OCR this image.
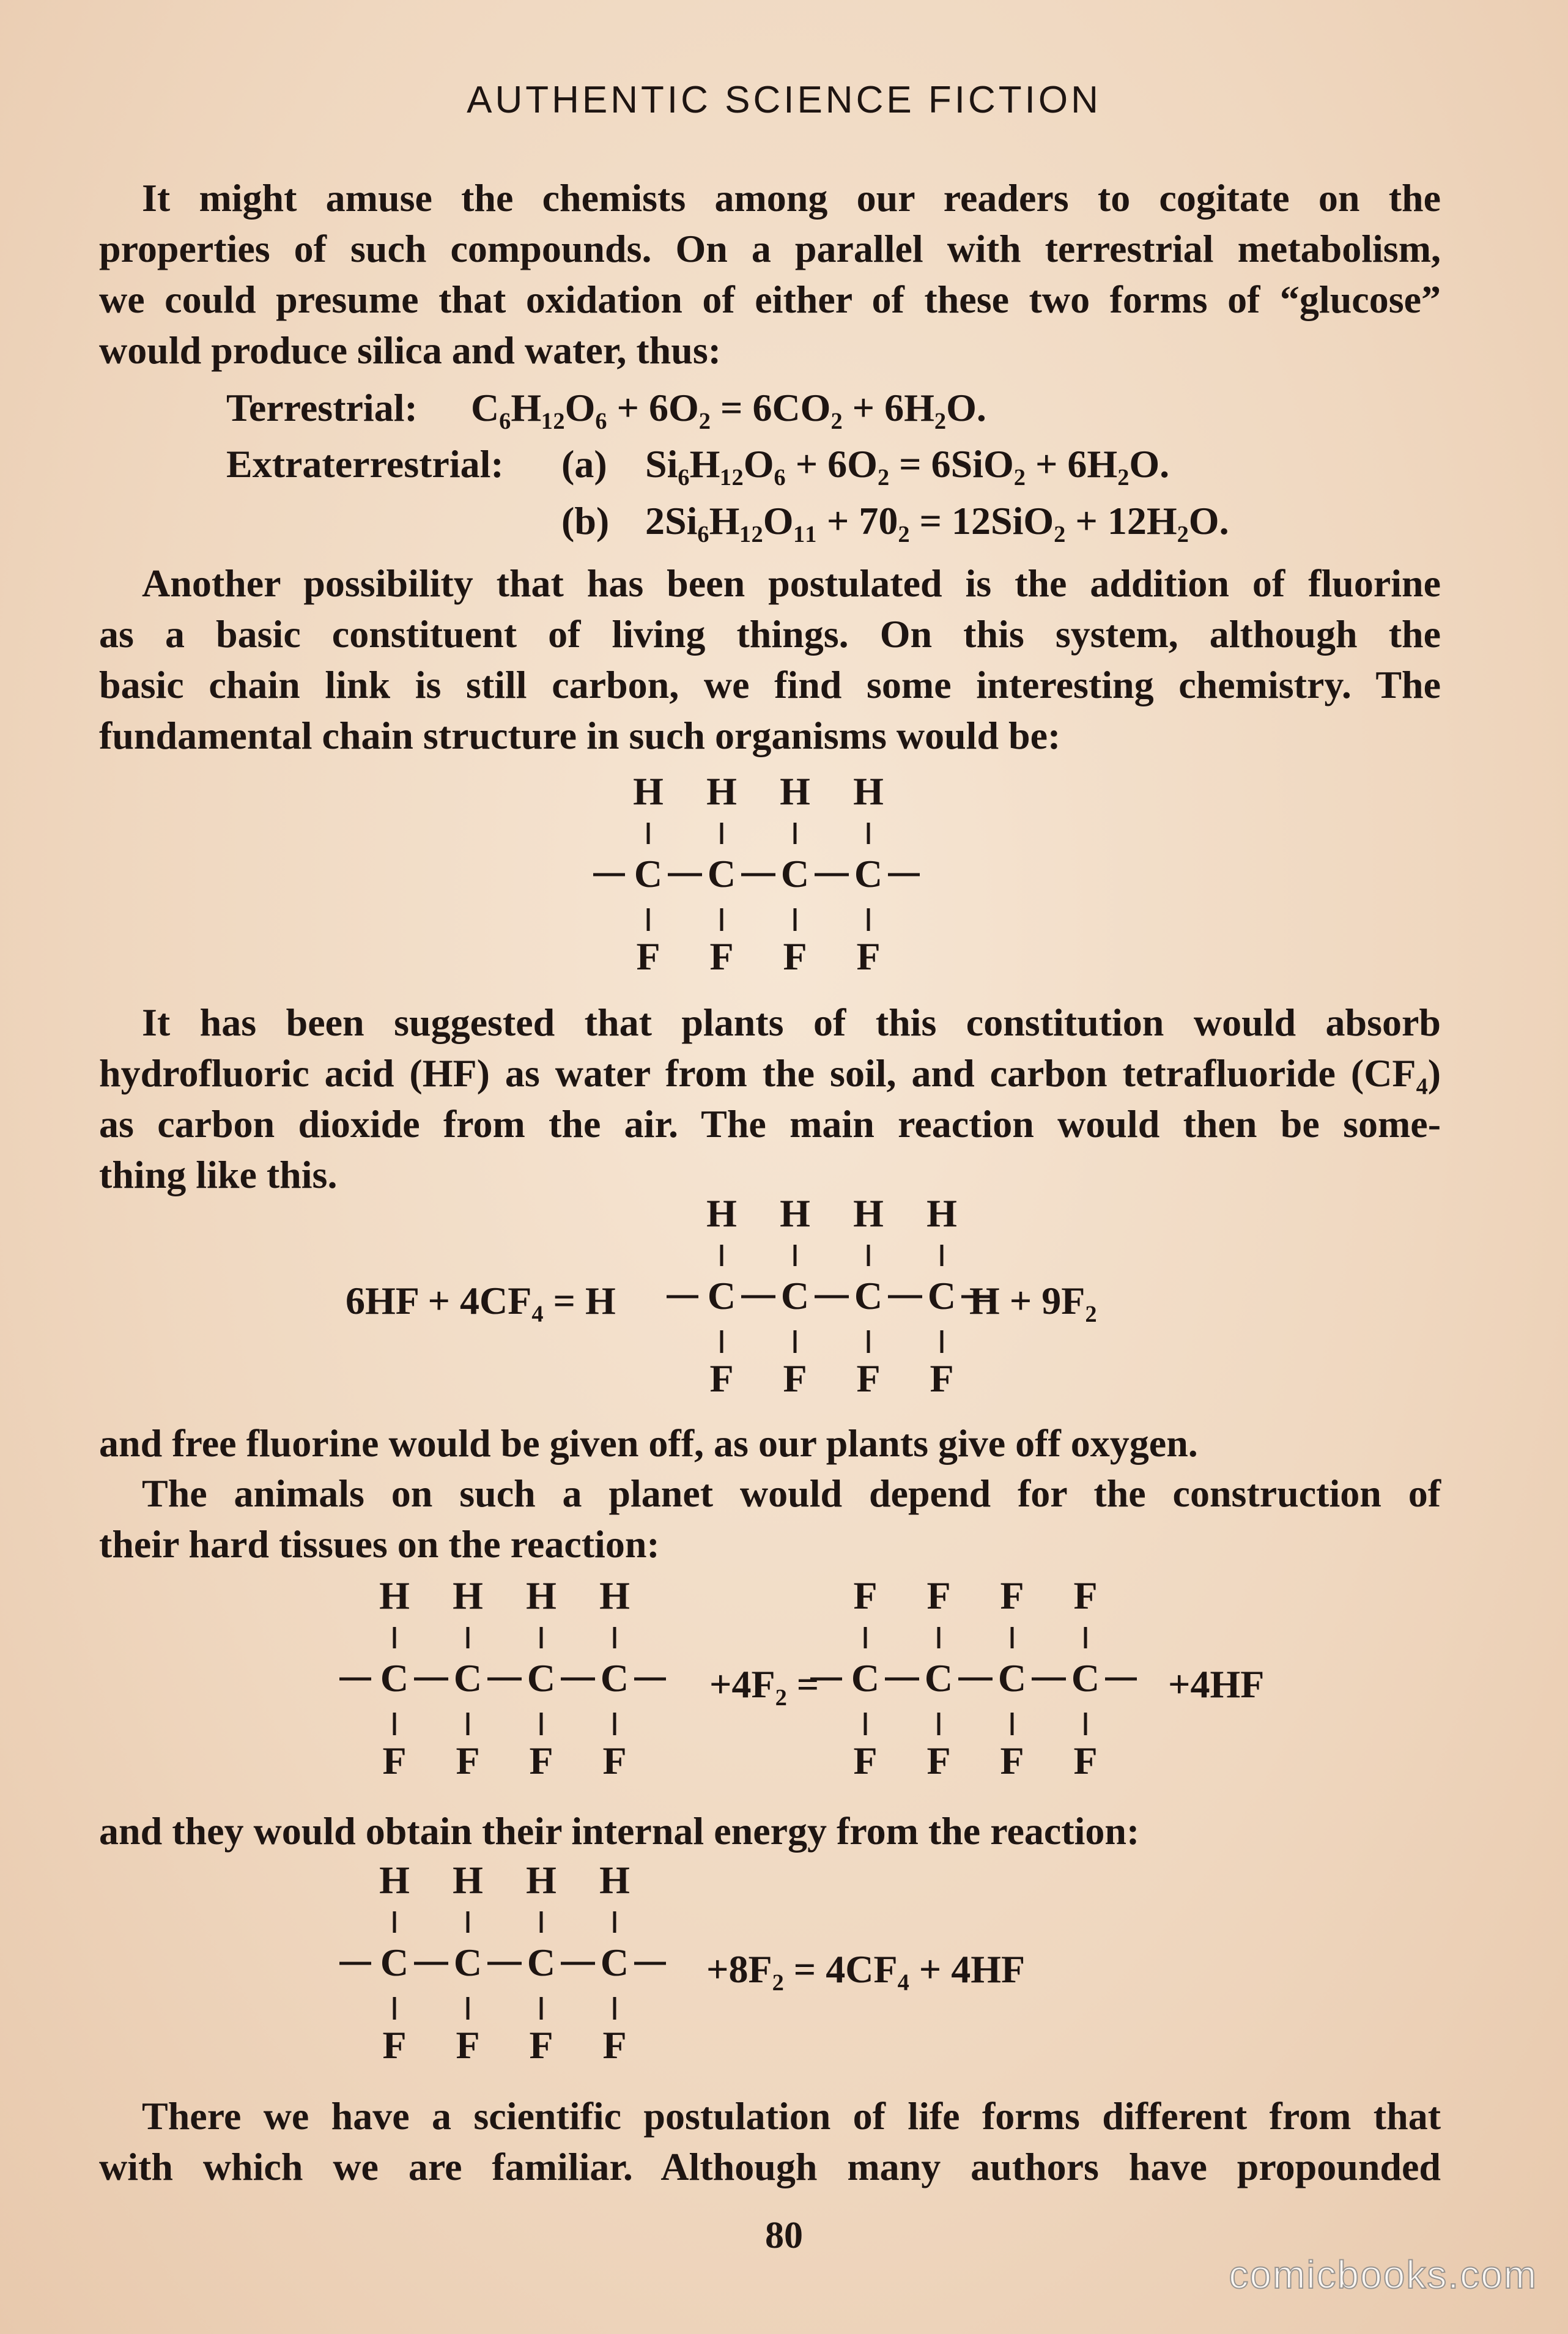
AUTHENTIC SCIENCE FICTION
It might amuse the chemists among our readers to cogitate on the
properties of such compounds. On a parallel with terrestrial metabolism,
we could presume that oxidation of either of these two forms of “glucose”
would produce silica and water, thus:
Terrestrial: C₆H₁₂O₆ + 6O₂ = 6CO₂ + 6H₂O.
Extraterrestrial: (a) Si₆H₁₂O₆ + 6O₂ = 6SiO₂ + 6H₂O.
(b) 2Si₆H₁₂O₁₁ + 70₂ = 12SiO₂ + 12H₂O.
Another possibility that has been postulated is the addition of fluorine
as a basic constituent of living things. On this system, although the
basic chain link is still carbon, we find some interesting chemistry. The
fundamental chain structure in such organisms would be:
H
C
F
H
C
F
H
C
F
H
C
F
It has been suggested that plants of this constitution would absorb
hydrofluoric acid (HF) as water from the soil, and carbon tetrafluoride (CF₄)
as carbon dioxide from the air. The main reaction would then be some-
thing like this.
6HF + 4CF₄ = H
H
C
F
H
C
F
H
C
F
H
C
F
H + 9F₂
and free fluorine would be given off, as our plants give off oxygen.
The animals on such a planet would depend for the construction of
their hard tissues on the reaction:
H
C
F
H
C
F
H
C
F
H
C
F
+4F₂ =
F
C
F
F
C
F
F
C
F
F
C
F
+4HF
and they would obtain their internal energy from the reaction:
H
C
F
H
C
F
H
C
F
H
C
F
+8F₂ = 4CF₄ + 4HF
There we have a scientific postulation of life forms different from that
with which we are familiar. Although many authors have propounded
80
comicbooks.com
